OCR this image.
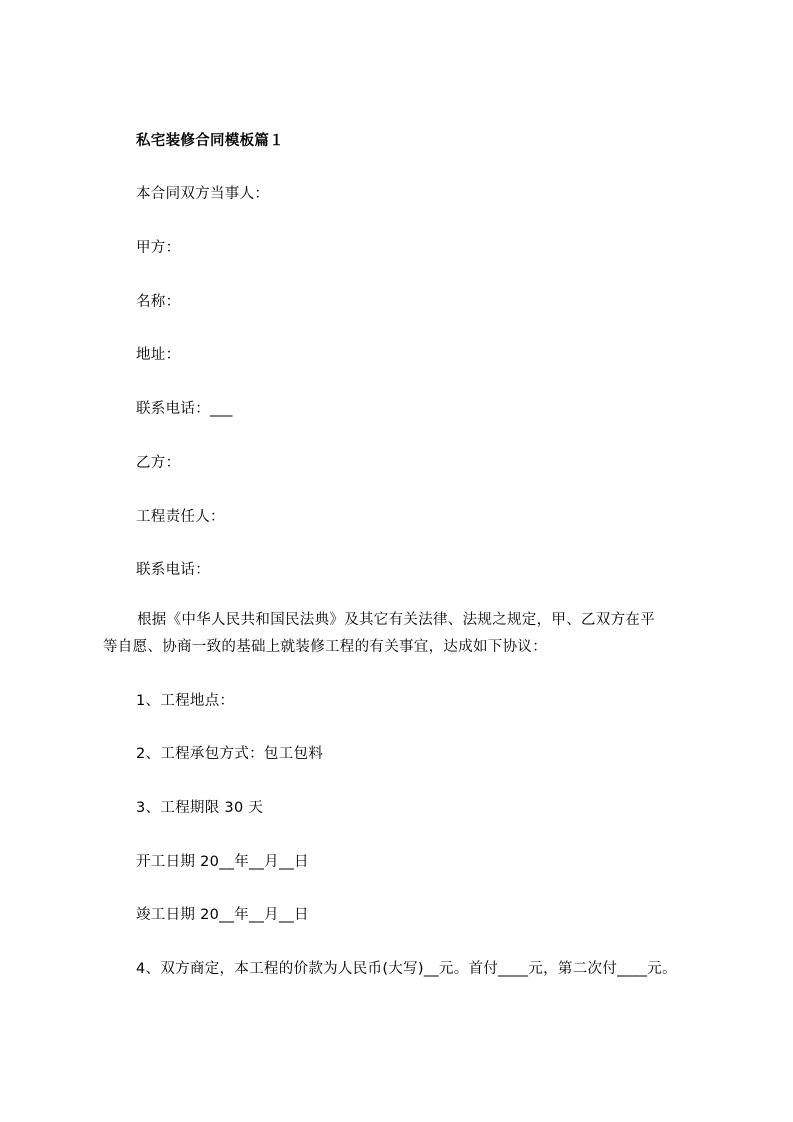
私宅装修合同模板篇１
本合同双方当事人：
甲方：
名称：
地址：
联系电话：___
乙方：
工程责任人：
联系电话：
根据《中华人民共和国民法典》及其它有关法律、法规之规定，甲、乙双方在平
等自愿、协商一致的基础上就装修工程的有关事宜，达成如下协议：
1、工程地点：
2、工程承包方式：包工包料
3、工程期限 30 天
开工日期 20__年__月__日
竣工日期 20__年__月__日
4、双方商定，本工程的价款为人民币(大写)__元。首付____元，第二次付____元。
